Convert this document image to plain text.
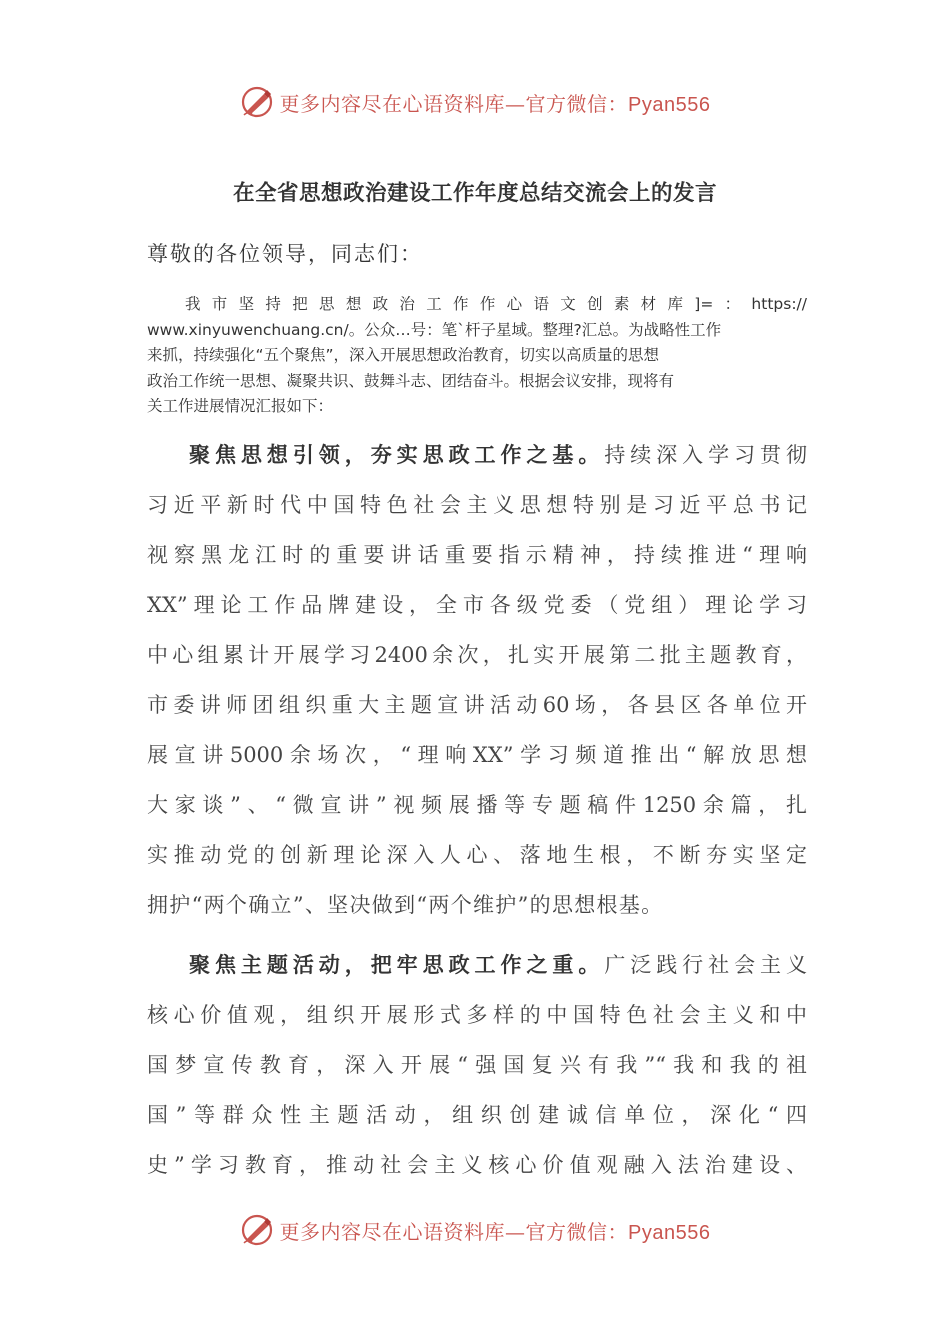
更多内容尽在心语资料库—官方微信：Pyan556
在全省思想政治建设工作年度总结交流会上的发言
尊敬的各位领导，同志们：
我市坚持把思想政治工作作心语文创素材库]=：https://
www.xinyuwenchuang.cn/。公众…号：笔`杆子星域。整理?汇总。为战略性工作
来抓，持续强化“五个聚焦”，深入开展思想政治教育，切实以高质量的思想
政治工作统一思想、凝聚共识、鼓舞斗志、团结奋斗。根据会议安排，现将有
关工作进展情况汇报如下：
聚焦思想引领，夯实思政工作之基。持续深入学习贯彻
习近平新时代中国特色社会主义思想特别是习近平总书记
视察黑龙江时的重要讲话重要指示精神，持续推进“理响
XX”理论工作品牌建设，全市各级党委（党组）理论学习
中心组累计开展学习2400余次，扎实开展第二批主题教育，
市委讲师团组织重大主题宣讲活动60场，各县区各单位开
展宣讲5000余场次，“理响XX”学习频道推出“解放思想
大家谈”、“微宣讲”视频展播等专题稿件1250余篇，扎
实推动党的创新理论深入人心、落地生根，不断夯实坚定
拥护“两个确立”、坚决做到“两个维护”的思想根基。
聚焦主题活动，把牢思政工作之重。广泛践行社会主义
核心价值观，组织开展形式多样的中国特色社会主义和中
国梦宣传教育，深入开展“强国复兴有我”“我和我的祖
国”等群众性主题活动，组织创建诚信单位，深化“四
史”学习教育，推动社会主义核心价值观融入法治建设、
更多内容尽在心语资料库—官方微信：Pyan556
